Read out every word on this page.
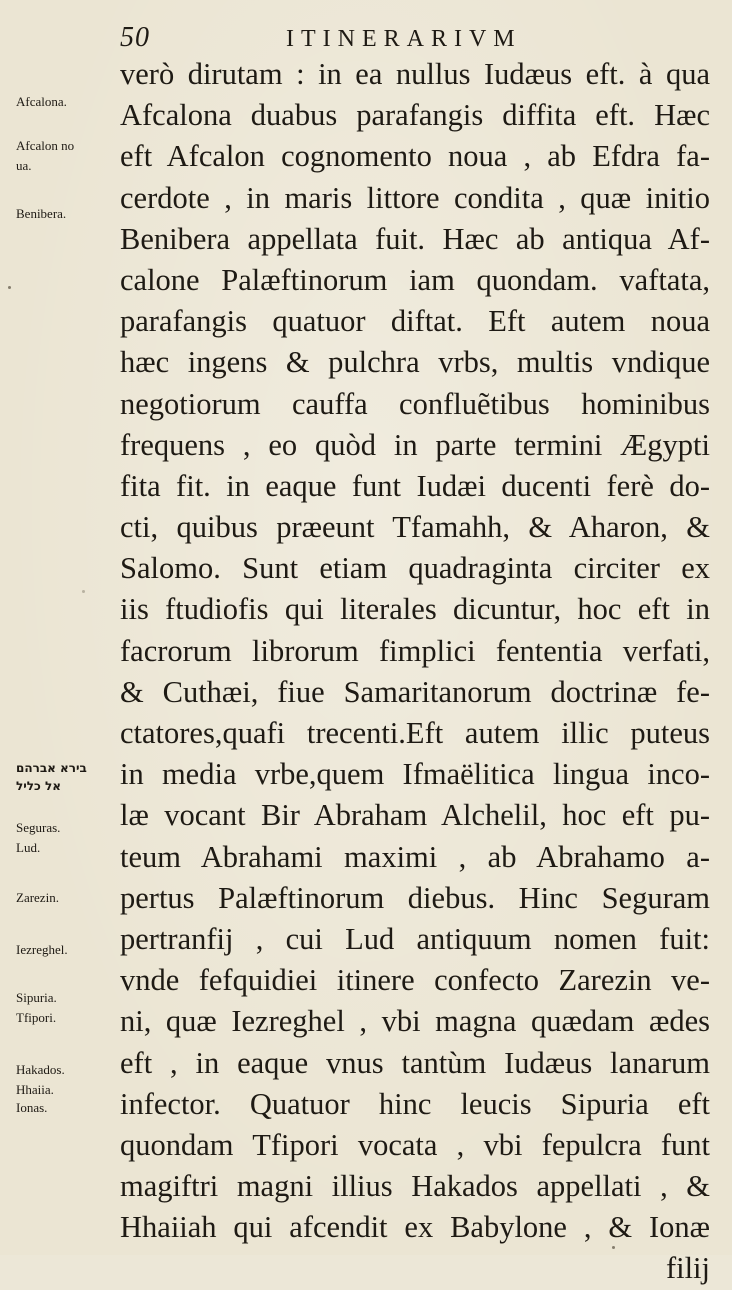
50	ITINERARIVM
Afcalona.
Afcalon no
ua.
Benibera.
בירא אברהם
אל כליל
Seguras.
Lud.
Zarezin.
Iezreghel.
Sipuria.
Tfipori.
Hakados.
Hhaiia.
Ionas.
verò dirutam : in ea nullus Iudæus eft. à qua
Afcalona duabus parafangis diffita eft. Hæc
eft Afcalon cognomento noua , ab Efdra fa-
cerdote , in maris littore condita , quæ initio
Benibera appellata fuit. Hæc ab antiqua Af-
calone Palæftinorum iam quondam. vaftata,
parafangis quatuor diftat. Eft autem noua
hæc ingens & pulchra vrbs, multis vndique
negotiorum cauffa confluẽtibus hominibus
frequens , eo quòd in parte termini Ægypti
fita fit. in eaque funt Iudæi ducenti ferè do-
cti, quibus præeunt Tfamahh, & Aharon, &
Salomo. Sunt etiam quadraginta circiter ex
iis ftudiofis qui literales dicuntur, hoc eft in
facrorum librorum fimplici fententia verfati,
& Cuthæi, fiue Samaritanorum doctrinæ fe-
ctatores,quafi trecenti.Eft autem illic puteus
in media vrbe,quem Ifmaëlitica lingua inco-
læ vocant Bir Abraham Alchelil, hoc eft pu-
teum Abrahami maximi , ab Abrahamo a-
pertus Palæftinorum diebus. Hinc Seguram
pertranfij , cui Lud antiquum nomen fuit:
vnde fefquidiei itinere confecto Zarezin ve-
ni, quæ Iezreghel , vbi magna quædam ædes
eft , in eaque vnus tantùm Iudæus lanarum
infector. Quatuor hinc leucis Sipuria eft
quondam Tfipori vocata , vbi fepulcra funt
magiftri magni illius Hakados appellati , &
Hhaiiah qui afcendit ex Babylone , & Ionæ
filij
